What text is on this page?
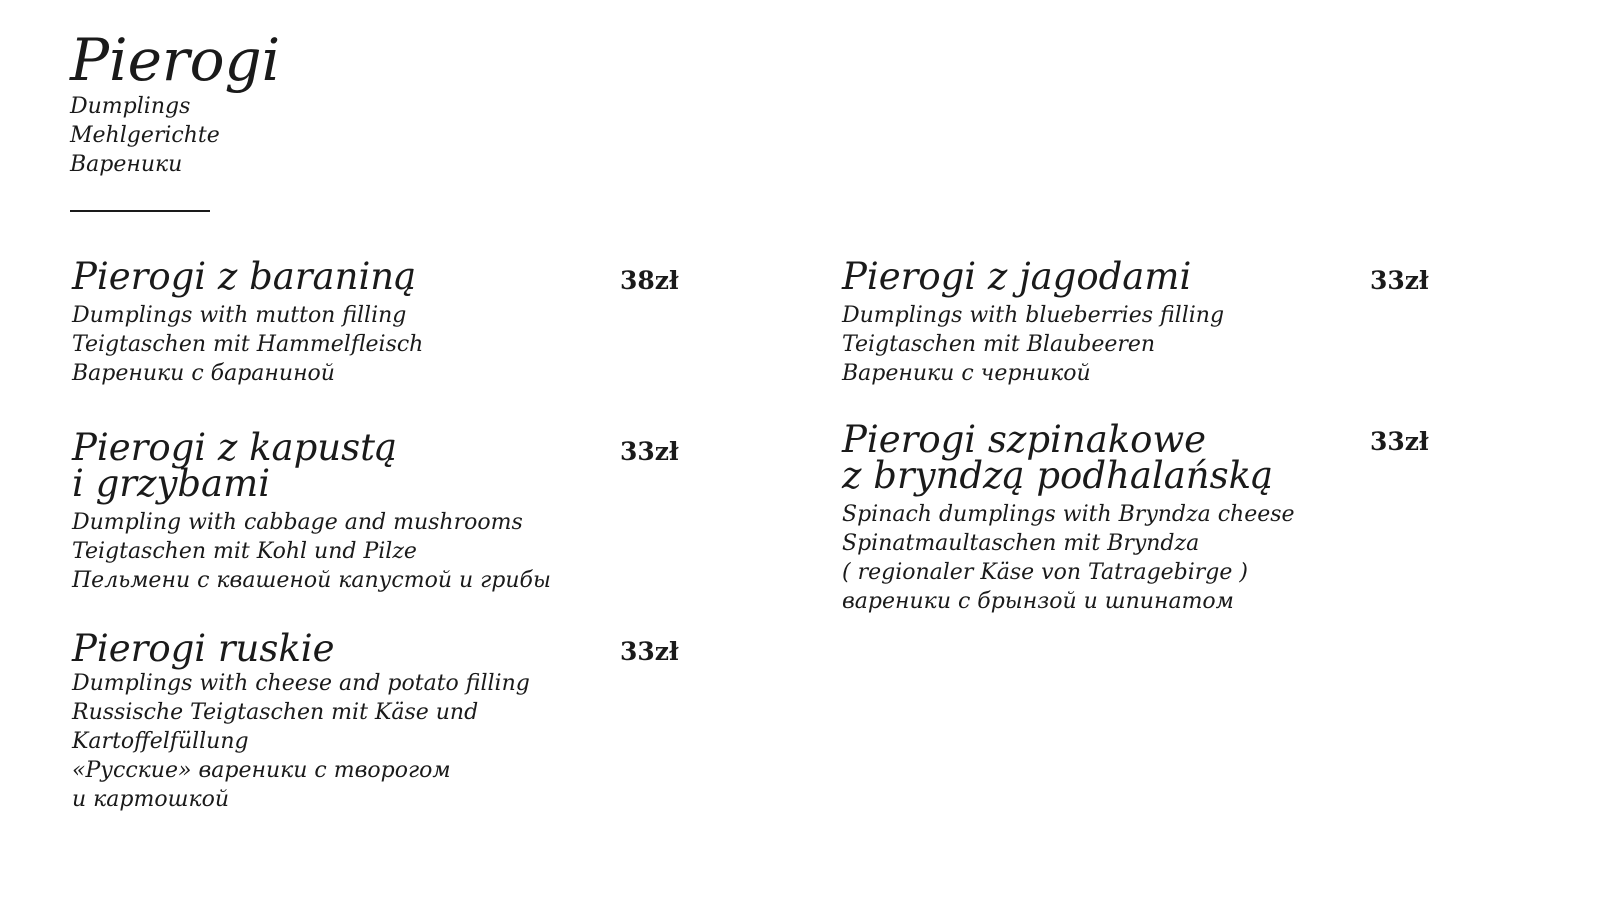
Pierogi
Dumplings
Mehlgerichte
Вареники
Pierogi z baraniną
Dumplings with mutton filling
Teigtaschen mit Hammelfleisch
Вареники с бараниной
38zł
Pierogi z kapustą
i grzybami
Dumpling with cabbage and mushrooms
Teigtaschen mit Kohl und Pilze
Пельмени с квашеной капустой и грибы
33zł
Pierogi ruskie
Dumplings with cheese and potato filling
Russische Teigtaschen mit Käse und
Kartoffelfüllung
«Русские» вареники с творогом
и картошкой
33zł
Pierogi z jagodami
Dumplings with blueberries filling
Teigtaschen mit Blaubeeren
Вареники с черникой
33zł
Pierogi szpinakowe
z bryndzą podhalańską
Spinach dumplings with Bryndza cheese
Spinatmaultaschen mit Bryndza
( regionaler Käse von Tatragebirge )
вареники с брынзой и шпинатом
33zł
